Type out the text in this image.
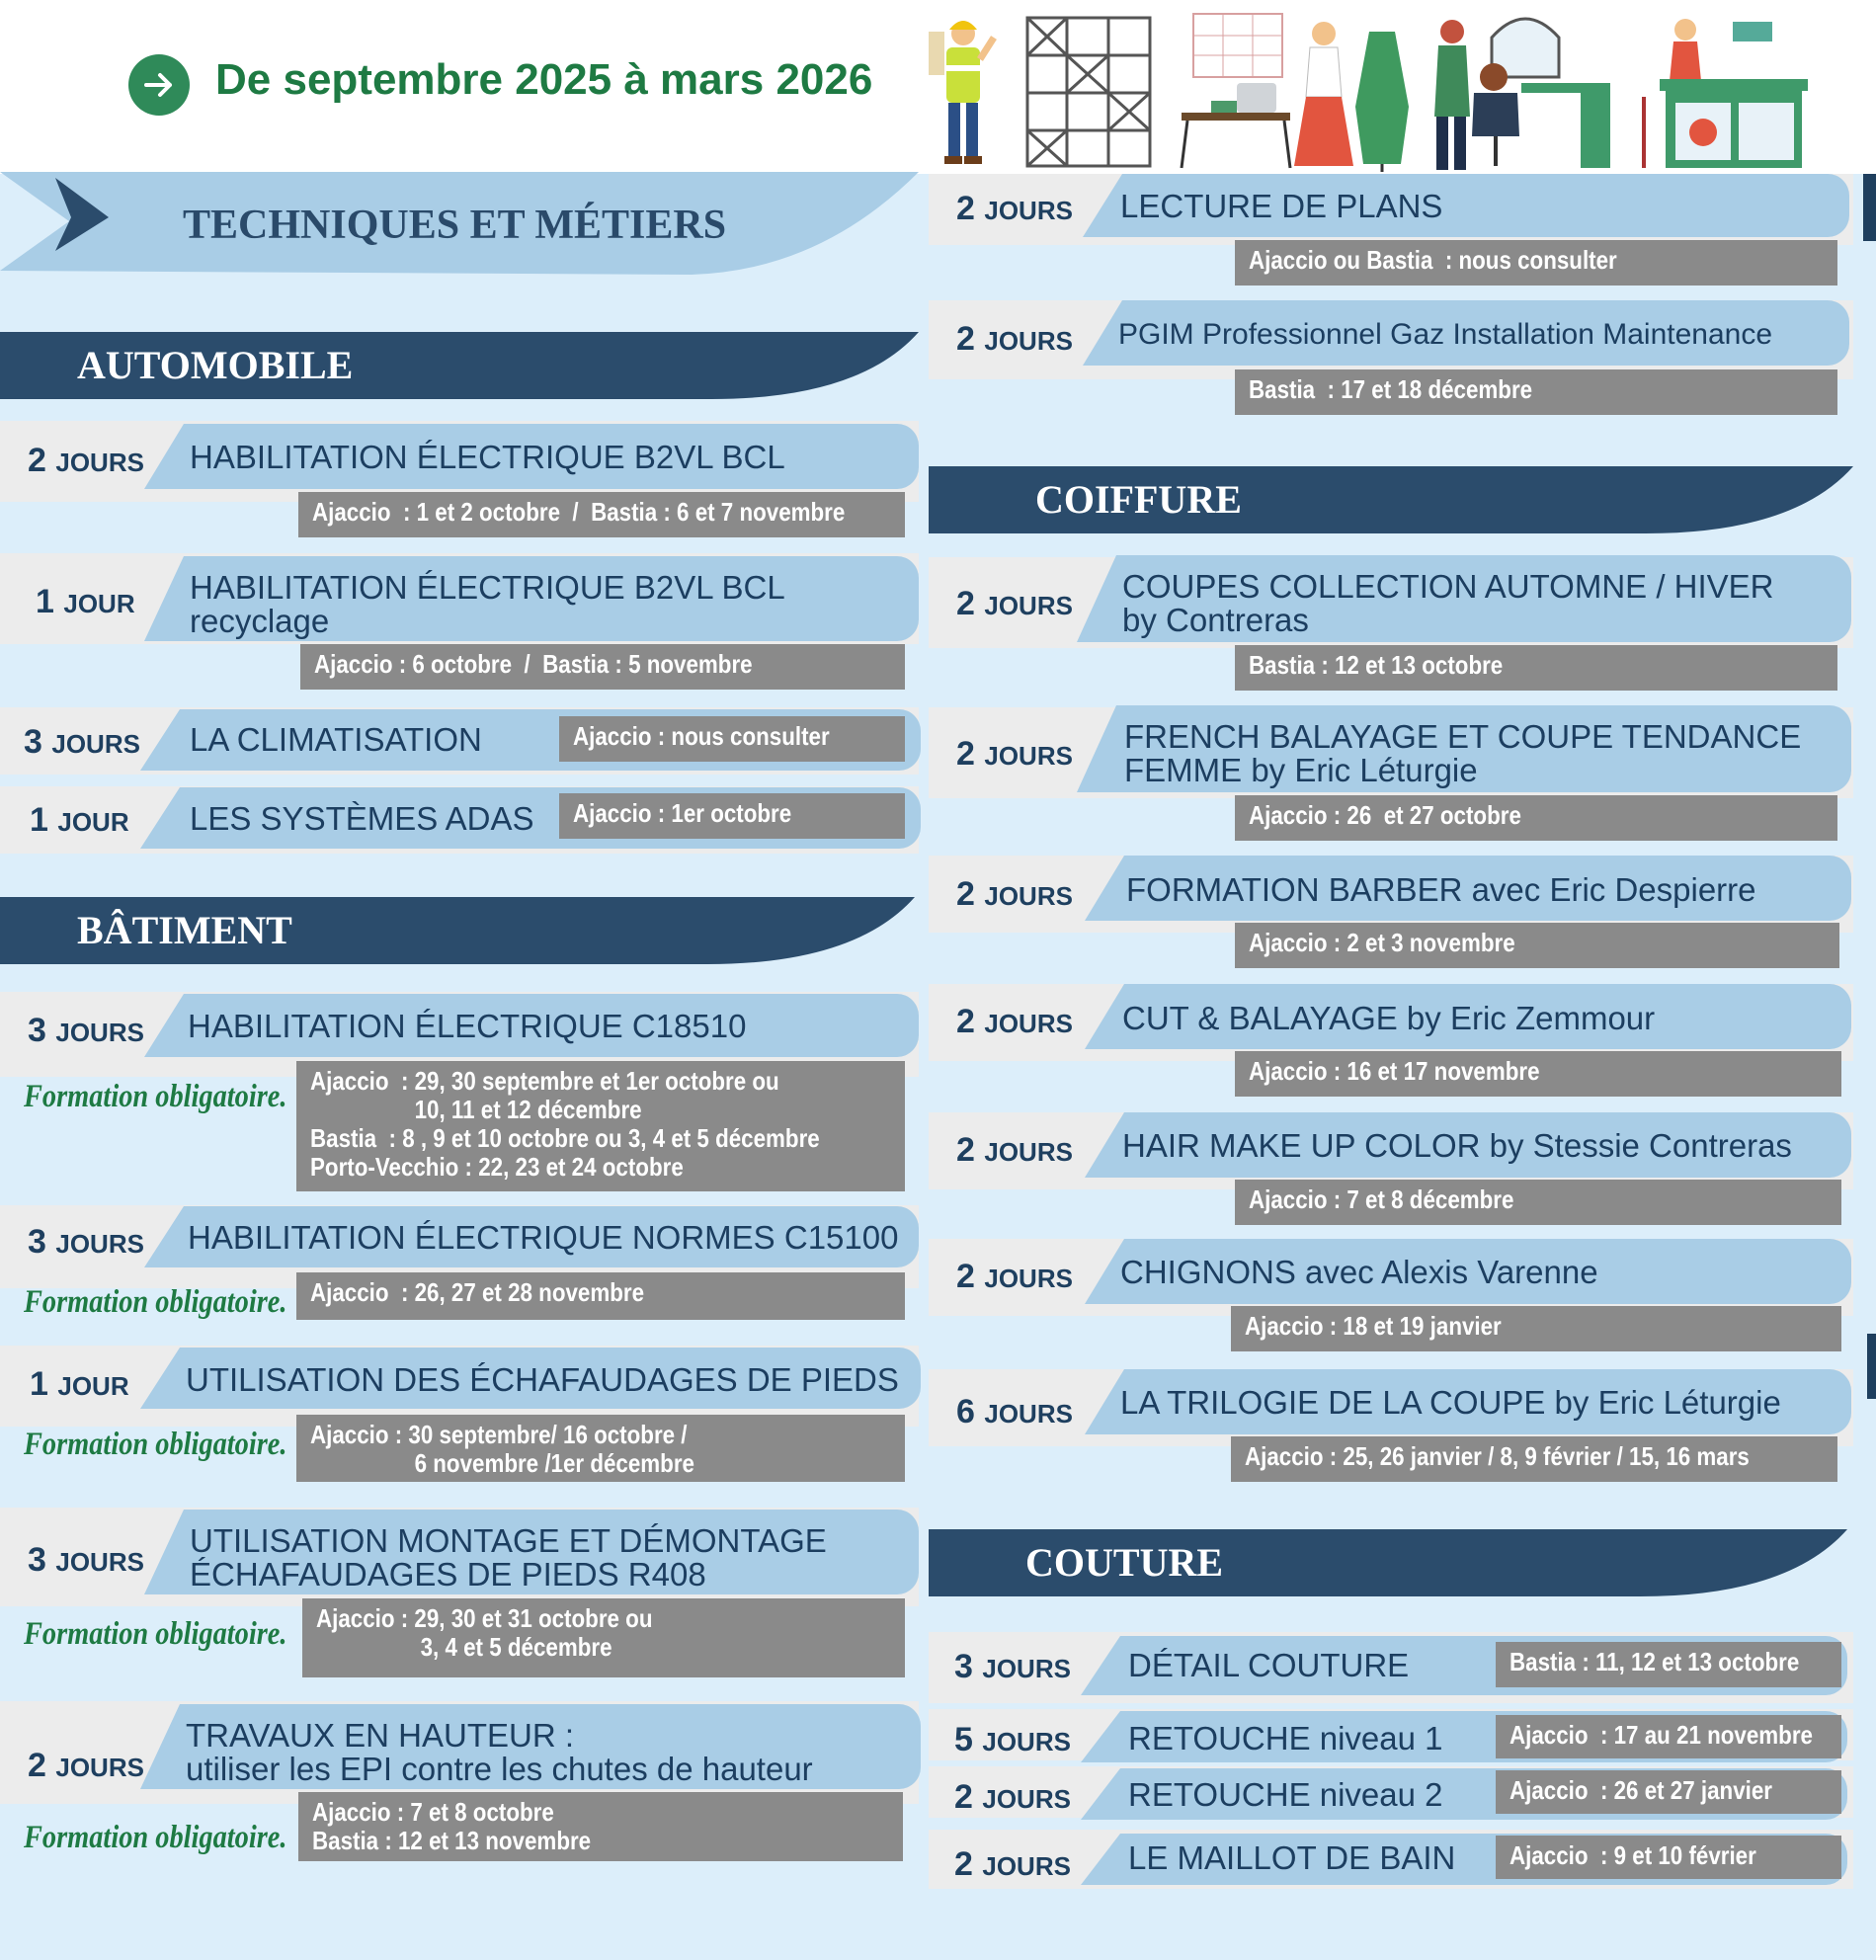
De septembre 2025 à mars 2026
TECHNIQUES ET MÉTIERS
AUTOMOBILE
2 JOURS HABILITATION ÉLECTRIQUE B2VL BCL
Ajaccio  : 1 et 2 octobre  /  Bastia : 6 et 7 novembre
1 JOUR HABILITATION ÉLECTRIQUE B2VL BCL
recyclage
Ajaccio : 6 octobre  /  Bastia : 5 novembre
3 JOURS LA CLIMATISATION	Ajaccio : nous consulter
1 JOUR LES SYSTÈMES ADAS	Ajaccio : 1er octobre
BÂTIMENT
3 JOURS HABILITATION ÉLECTRIQUE C18510
Formation obligatoire. Ajaccio  : 29, 30 septembre et 1er octobre ou
10, 11 et 12 décembre
Bastia  : 8 , 9 et 10 octobre ou 3, 4 et 5 décembre
Porto-Vecchio : 22, 23 et 24 octobre
3 JOURS HABILITATION ÉLECTRIQUE NORMES C15100
Formation obligatoire. Ajaccio  : 26, 27 et 28 novembre
1 JOUR UTILISATION DES ÉCHAFAUDAGES DE PIEDS
Formation obligatoire. Ajaccio : 30 septembre/ 16 octobre /
6 novembre /1er décembre
3 JOURS
UTILISATION MONTAGE ET DÉMONTAGE
ÉCHAFAUDAGES DE PIEDS R408
Formation obligatoire.	Ajaccio : 29, 30 et 31 octobre ou
3, 4 et 5 décembre
2 JOURS
TRAVAUX EN HAUTEUR :
utiliser les EPI contre les chutes de hauteur
Formation obligatoire.
Ajaccio : 7 et 8 octobre
Bastia : 12 et 13 novembre
2 JOURS LECTURE DE PLANS
Ajaccio ou Bastia  : nous consulter
2 JOURS PGIM Professionnel Gaz Installation Maintenance
Bastia  : 17 et 18 décembre
COIFFURE
2 JOURS
COUPES COLLECTION AUTOMNE / HIVER
by Contreras
Bastia : 12 et 13 octobre
2 JOURS
FRENCH BALAYAGE ET COUPE TENDANCE
FEMME by Eric Léturgie
Ajaccio : 26  et 27 octobre
2 JOURS FORMATION BARBER avec Eric Despierre
Ajaccio : 2 et 3 novembre
2 JOURS CUT & BALAYAGE by Eric Zemmour
Ajaccio : 16 et 17 novembre
2 JOURS HAIR MAKE UP COLOR by Stessie Contreras
Ajaccio : 7 et 8 décembre
2 JOURS CHIGNONS avec Alexis Varenne
Ajaccio : 18 et 19 janvier
6 JOURS LA TRILOGIE DE LA COUPE by Eric Léturgie
Ajaccio : 25, 26 janvier / 8, 9 février / 15, 16 mars
COUTURE
3 JOURS DÉTAIL COUTURE	Bastia : 11, 12 et 13 octobre
5 JOURS RETOUCHE niveau 1	Ajaccio  : 17 au 21 novembre
2 JOURS RETOUCHE niveau 2	Ajaccio  : 26 et 27 janvier
2 JOURS LE MAILLOT DE BAIN	Ajaccio  : 9 et 10 février
